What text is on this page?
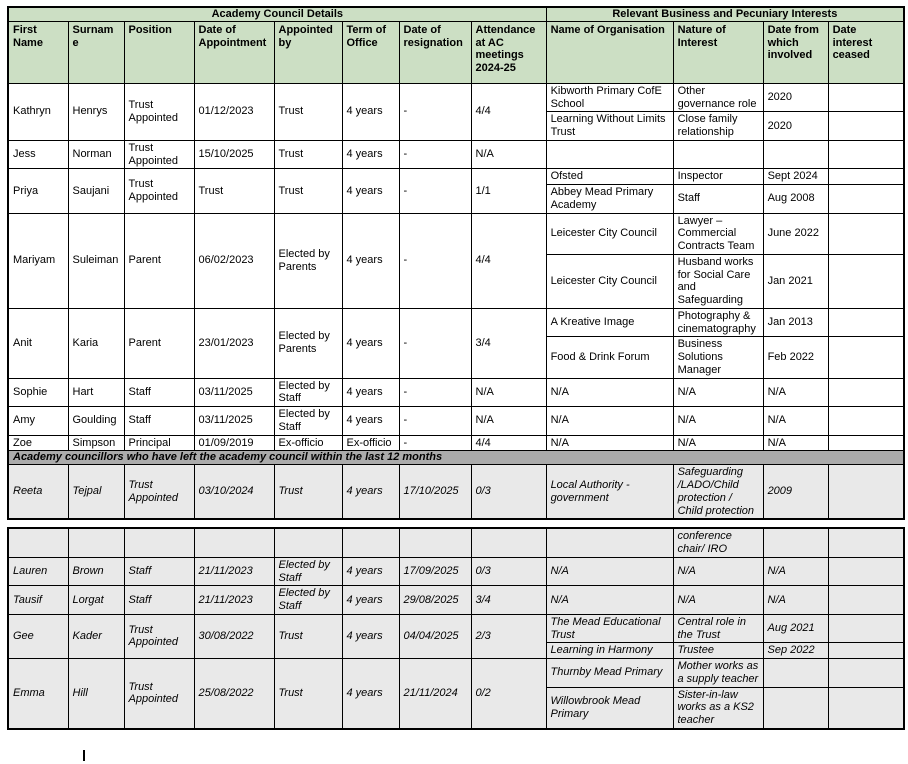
Academy Council Details								Relevant Business and Pecuniary Interests			
First Name	Surname	Position	Date of Appointment	Appointed by	Term of Office	Date of resignation	Attendance at AC meetings 2024-25	Name of Organisation	Nature of Interest	Date from which involved	Date interest ceased
Kathryn	Henrys	Trust Appointed	01/12/2023	Trust	4 years	-	4/4	Kibworth Primary CofE School	Other governance role	2020	
								Learning Without Limits Trust	Close family relationship	2020	
Jess	Norman	Trust Appointed	15/10/2025	Trust	4 years	-	N/A				
Priya	Saujani	Trust Appointed	Trust	Trust	4 years	-	1/1	Ofsted	Inspector	Sept 2024	
								Abbey Mead Primary Academy	Staff	Aug 2008	
Mariyam	Suleiman	Parent	06/02/2023	Elected by Parents	4 years	-	4/4	Leicester City Council	Lawyer – Commercial Contracts Team	June 2022	
								Leicester City Council	Husband works for Social Care and Safeguarding	Jan 2021	
Anit	Karia	Parent	23/01/2023	Elected by Parents	4 years	-	3/4	A Kreative Image	Photography & cinematography	Jan 2013	
								Food & Drink Forum	Business Solutions Manager	Feb 2022	
Sophie	Hart	Staff	03/11/2025	Elected by Staff	4 years	-	N/A	N/A	N/A	N/A	
Amy	Goulding	Staff	03/11/2025	Elected by Staff	4 years	-	N/A	N/A	N/A	N/A	
Zoe	Simpson	Principal	01/09/2019	Ex-officio	Ex-officio	-	4/4	N/A	N/A	N/A	
Academy councillors who have left the academy council within the last 12 months											
Reeta	Tejpal	Trust Appointed	03/10/2024	Trust	4 years	17/10/2025	0/3	Local Authority - government	Safeguarding /LADO/Child protection / Child protection	2009	
									conference chair/ IRO		
Lauren	Brown	Staff	21/11/2023	Elected by Staff	4 years	17/09/2025	0/3	N/A	N/A	N/A	
Tausif	Lorgat	Staff	21/11/2023	Elected by Staff	4 years	29/08/2025	3/4	N/A	N/A	N/A	
Gee	Kader	Trust Appointed	30/08/2022	Trust	4 years	04/04/2025	2/3	The Mead Educational Trust	Central role in the Trust	Aug 2021	
								Learning in Harmony	Trustee	Sep 2022	
Emma	Hill	Trust Appointed	25/08/2022	Trust	4 years	21/11/2024	0/2	Thurnby Mead Primary	Mother works as a supply teacher		
								Willowbrook Mead Primary	Sister-in-law works as a KS2 teacher		
